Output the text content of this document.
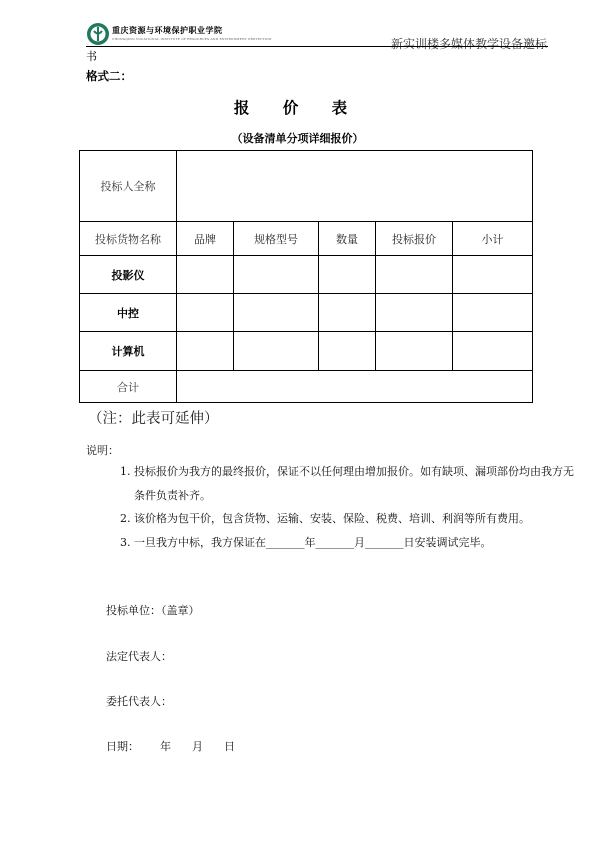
重庆资源与环境保护职业学院
CHONGQING VOCATIONAL INSTITUTE OF RESOURCES AND ENVIRONMENT PROTECTION	新实训楼多媒体教学设备邀标
书
格式二：
报 价 表
（设备清单分项详细报价）
投标人全称					
投标货物名称	品牌	规格型号	数量	投标报价	小计
投影仪					
中控					
计算机					
合计					
（注：此表可延伸）
说明：
1. 投标报价为我方的最终报价，保证不以任何理由增加报价。如有缺项、漏项部份均由我方无条件负责补齐。
2. 该价格为包干价，包含货物、运输、安装、保险、税费、培训、利润等所有费用。
3. 一旦我方中标，我方保证在_______年_______月_______日安装调试完毕。
投标单位：（盖章）
法定代表人：
委托代表人：
日期：      年      月      日
